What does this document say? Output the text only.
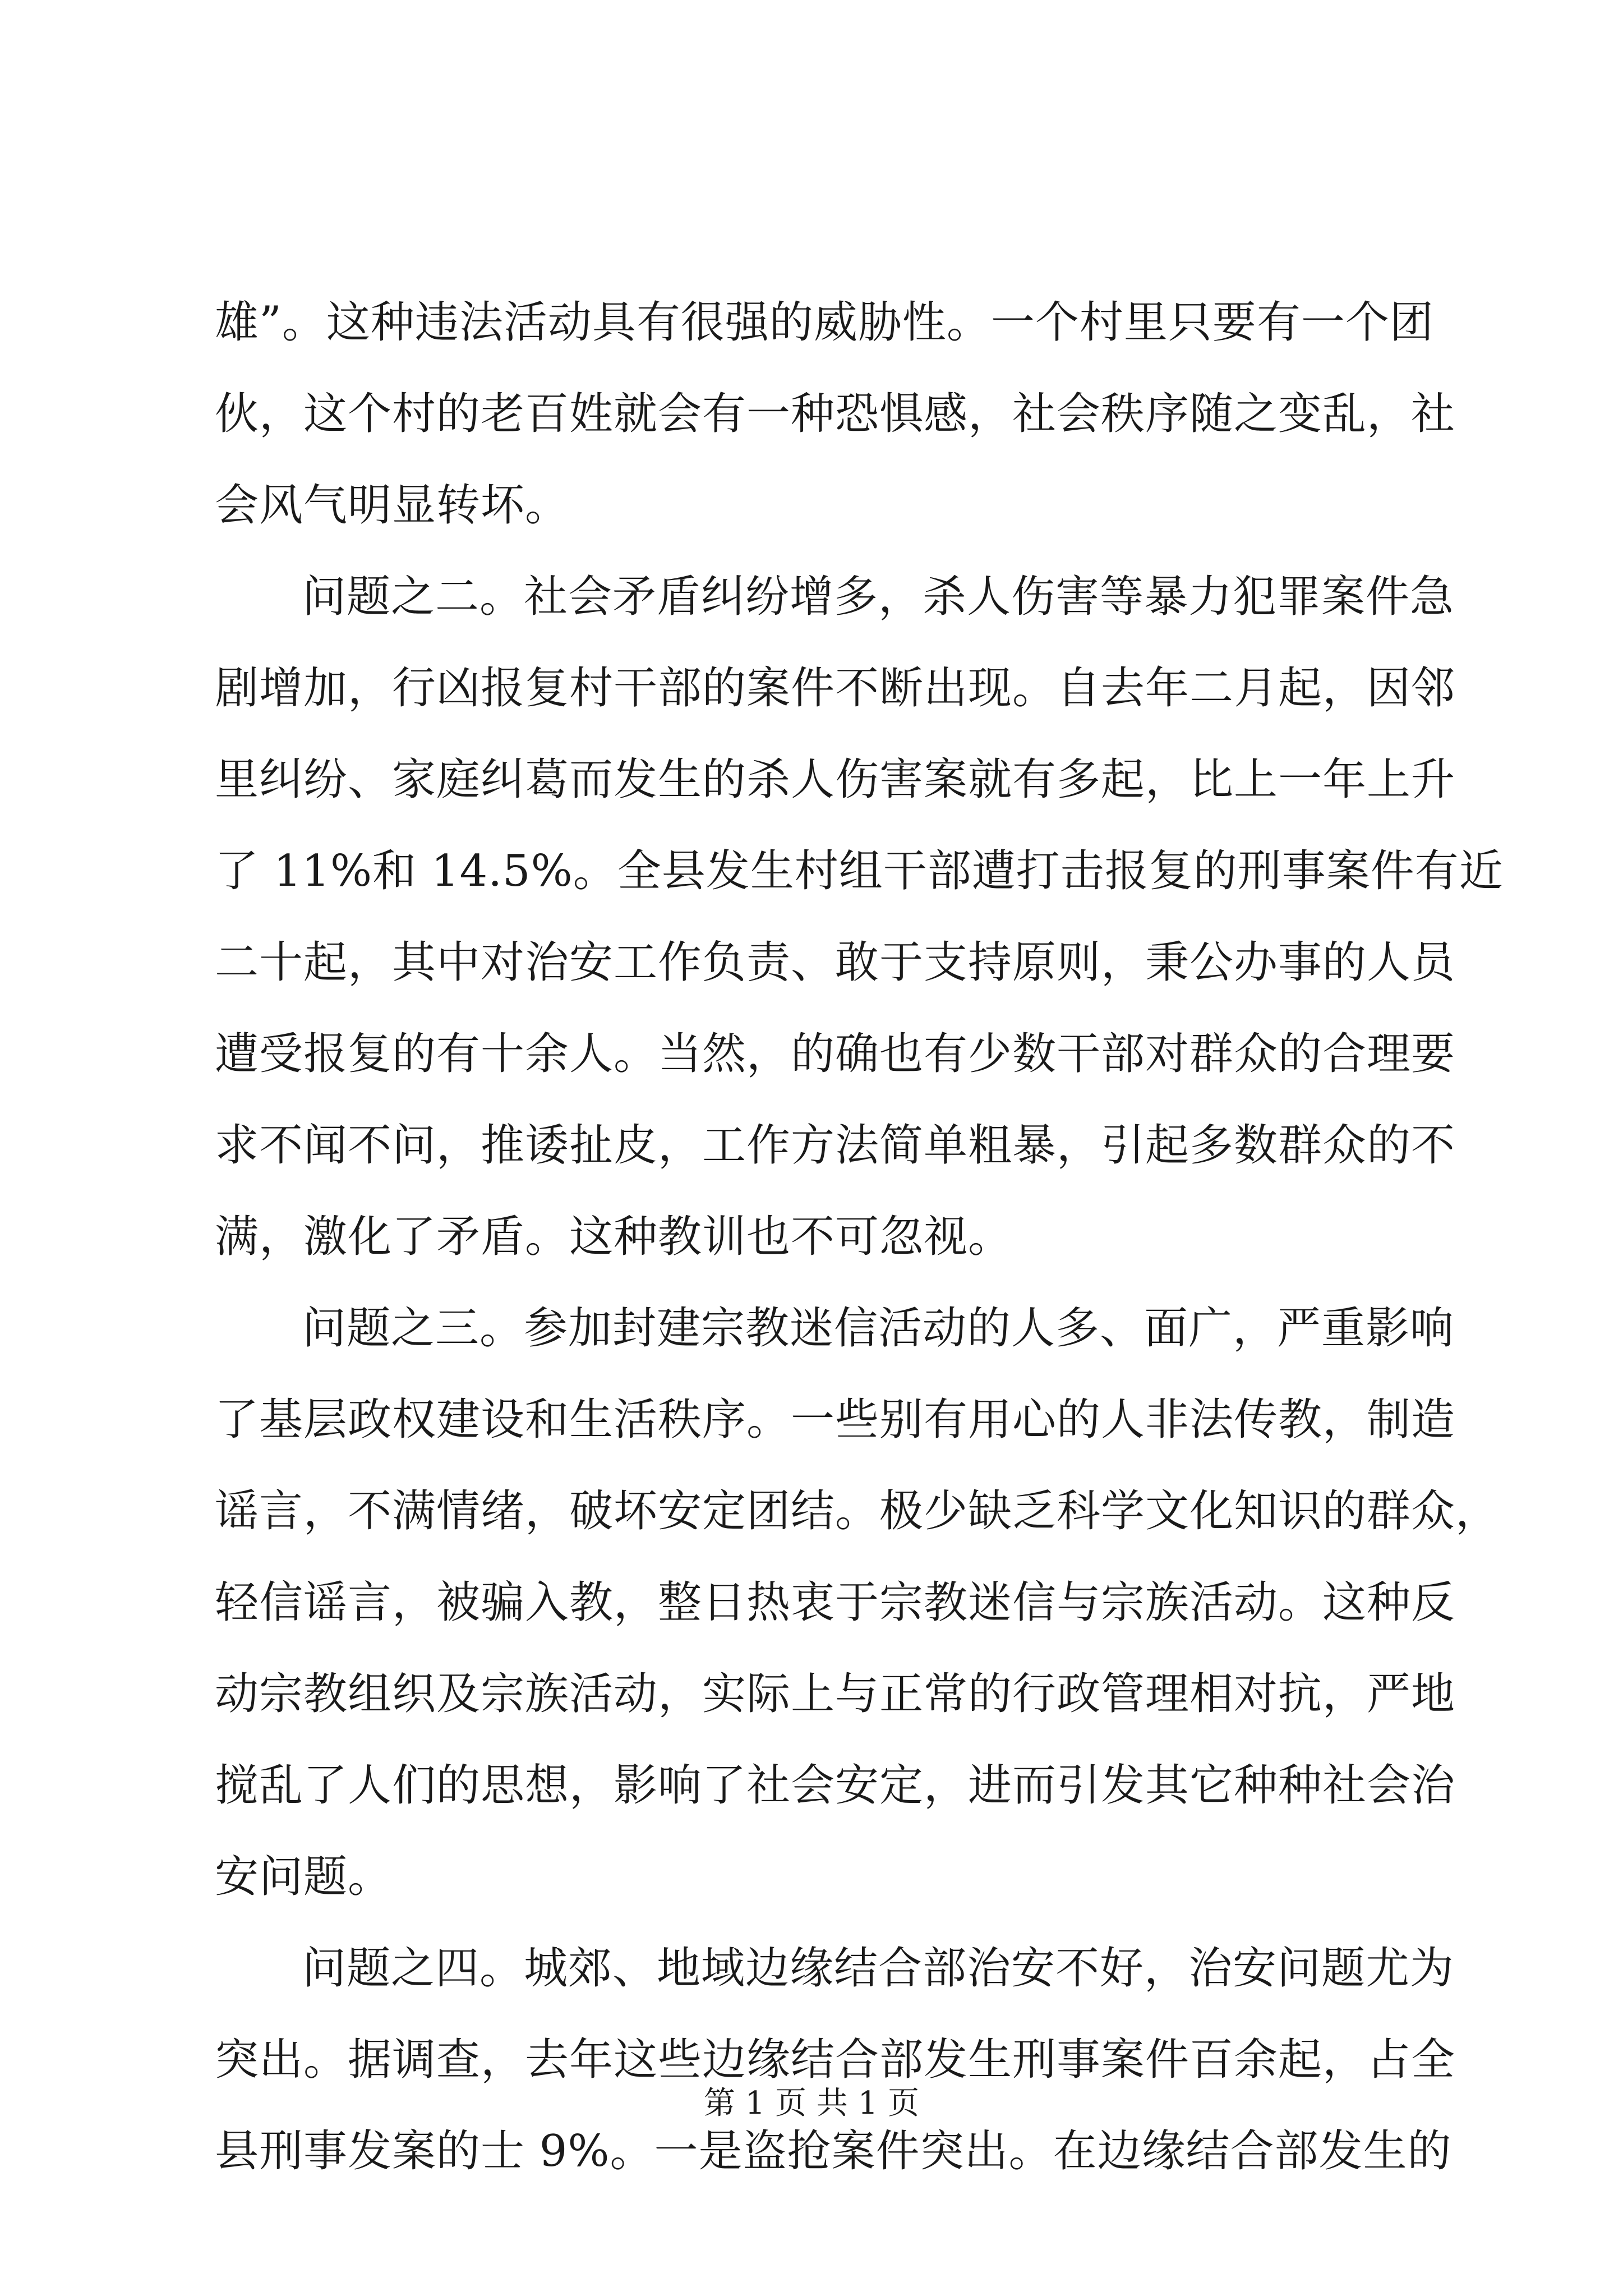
雄”。这种违法活动具有很强的威胁性。一个村里只要有一个团
伙，这个村的老百姓就会有一种恐惧感，社会秩序随之变乱，社
会风气明显转坏。
问题之二。社会矛盾纠纷增多，杀人伤害等暴力犯罪案件急
剧增加，行凶报复村干部的案件不断出现。自去年二月起，因邻
里纠纷、家庭纠葛而发生的杀人伤害案就有多起，比上一年上升
了 11%和 14.5%。全县发生村组干部遭打击报复的刑事案件有近
二十起，其中对治安工作负责、敢于支持原则，秉公办事的人员
遭受报复的有十余人。当然，的确也有少数干部对群众的合理要
求不闻不问，推诿扯皮，工作方法简单粗暴，引起多数群众的不
满，激化了矛盾。这种教训也不可忽视。
问题之三。参加封建宗教迷信活动的人多、面广，严重影响
了基层政权建设和生活秩序。一些别有用心的人非法传教，制造
谣言，不满情绪，破坏安定团结。极少缺乏科学文化知识的群众，
轻信谣言，被骗入教，整日热衷于宗教迷信与宗族活动。这种反
动宗教组织及宗族活动，实际上与正常的行政管理相对抗，严地
搅乱了人们的思想，影响了社会安定，进而引发其它种种社会治
安问题。
问题之四。城郊、地域边缘结合部治安不好，治安问题尤为
突出。据调查，去年这些边缘结合部发生刑事案件百余起，占全
县刑事发案的士 9%。一是盗抢案件突出。在边缘结合部发生的
第 1 页 共 1 页
